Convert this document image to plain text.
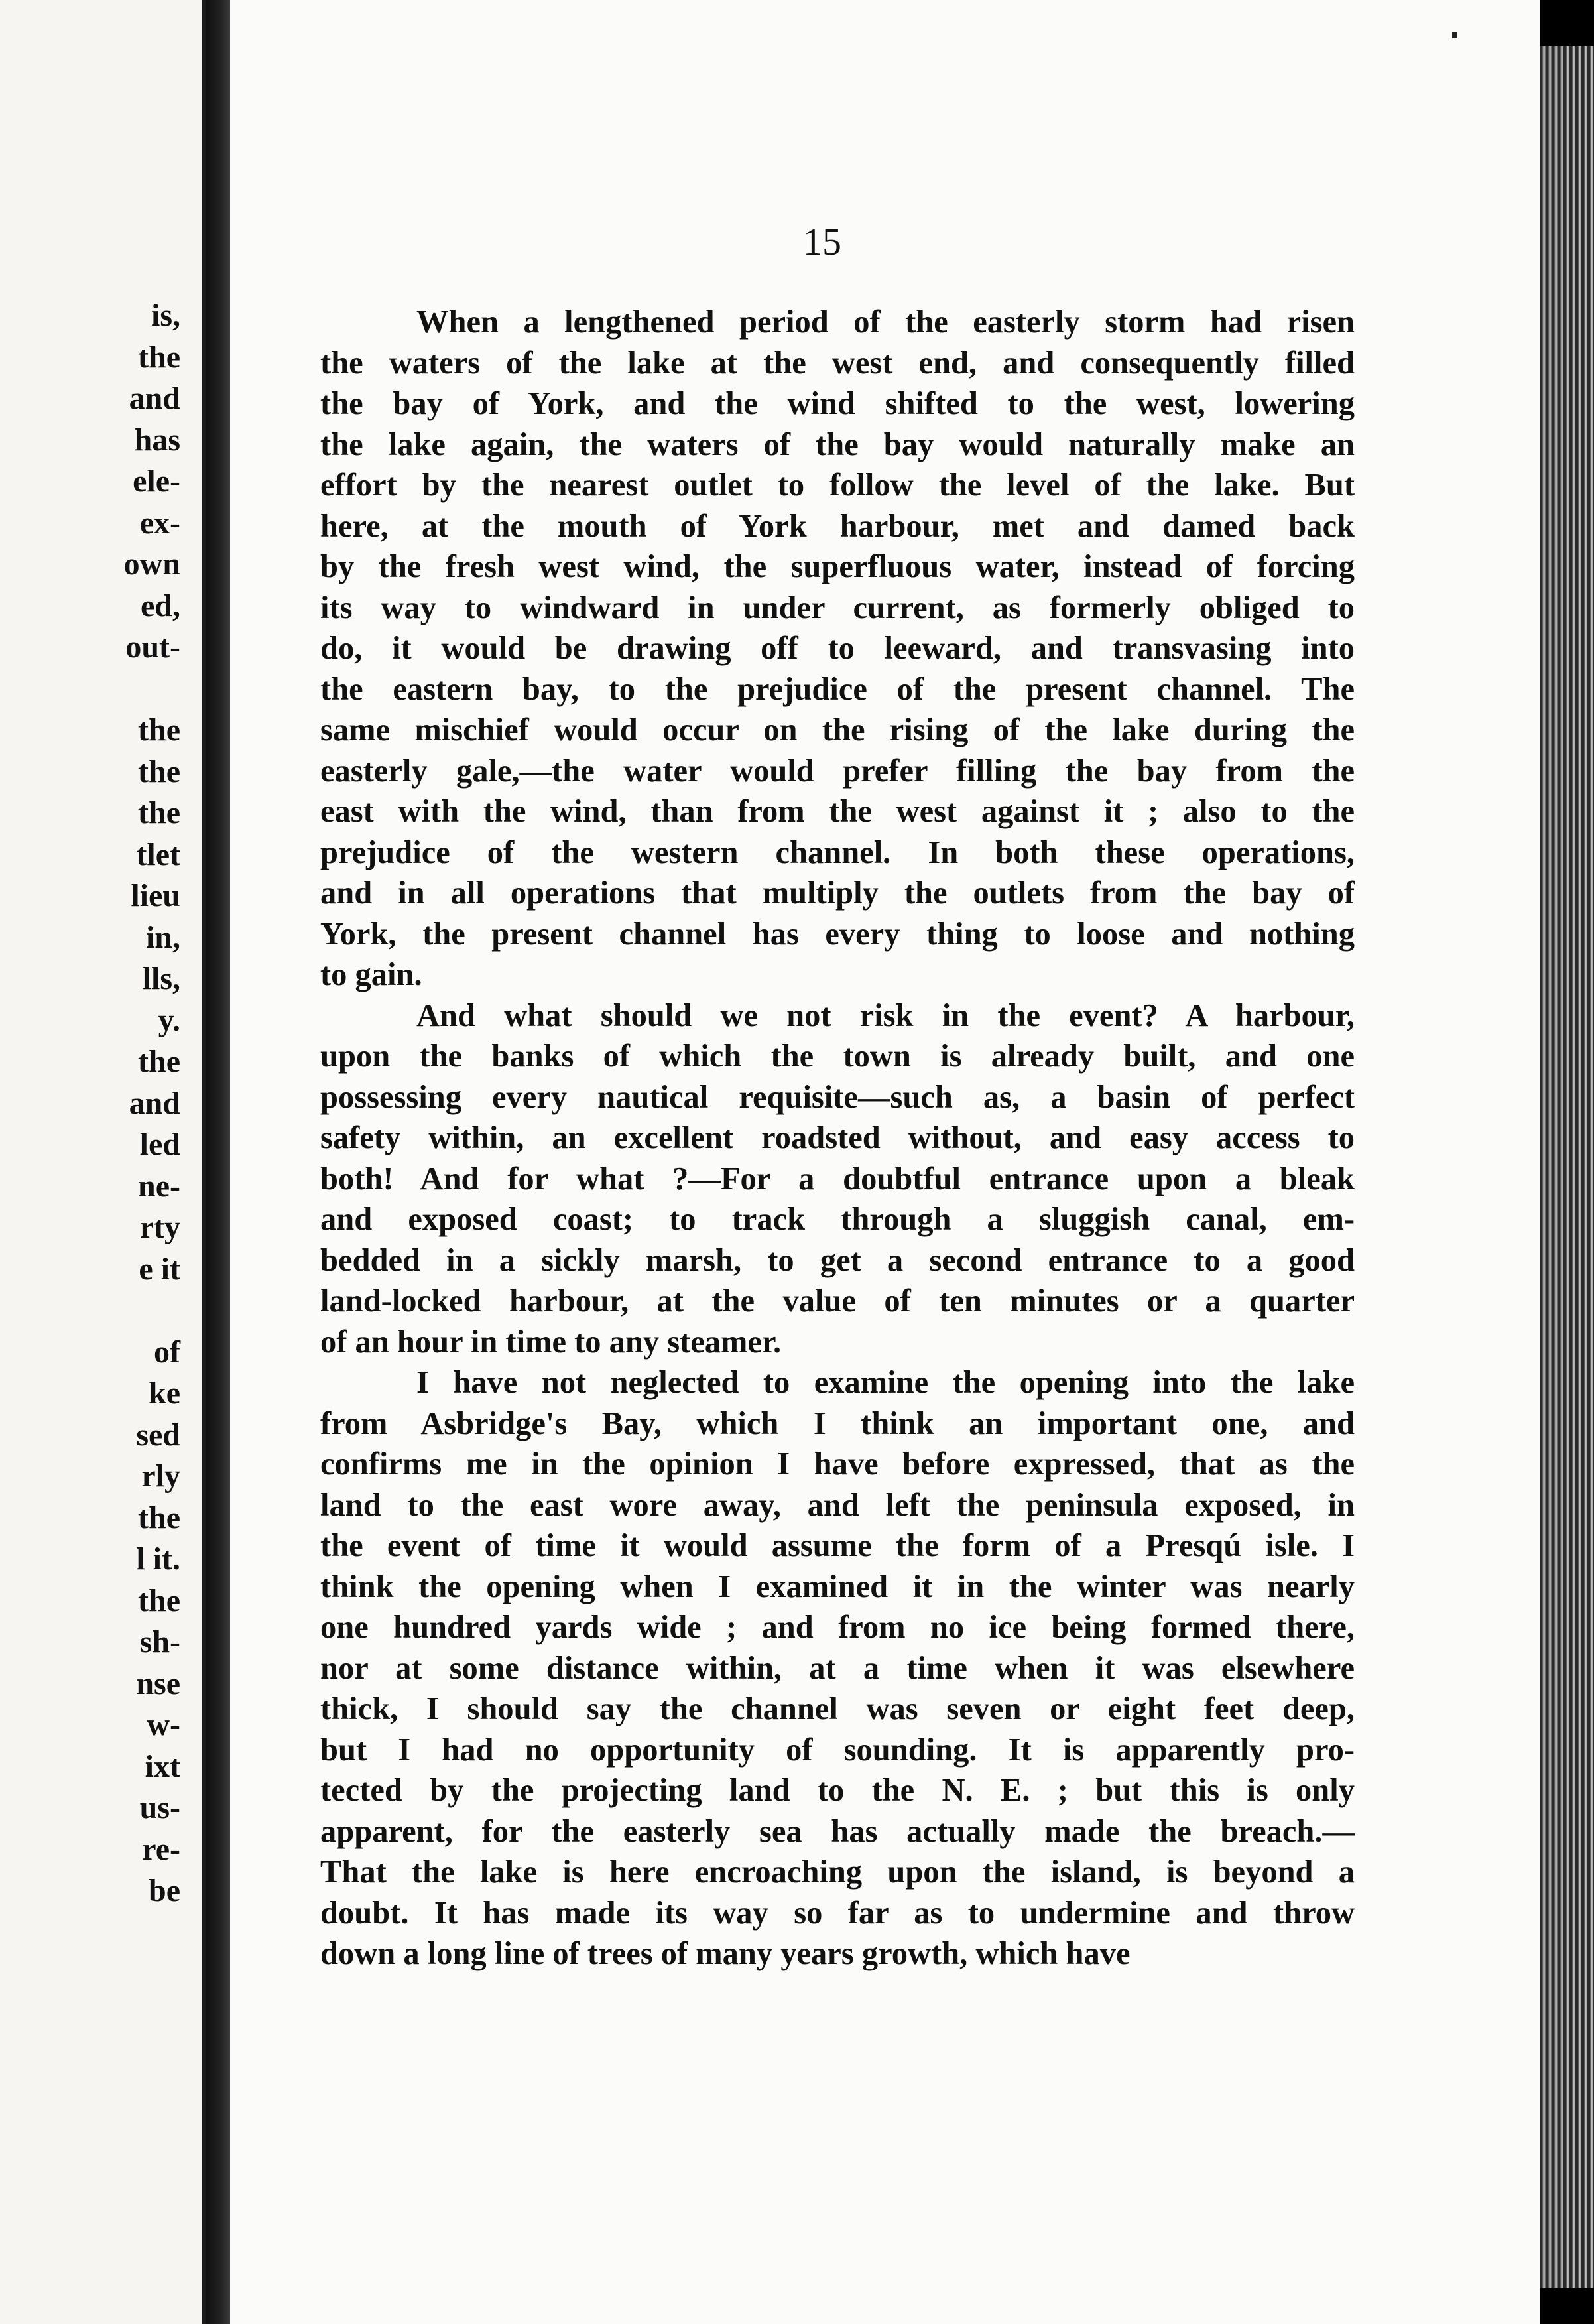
is,
the
and
has
ele-
ex-
own
ed,
out-
the
the
the
tlet
lieu
in,
lls,
y.
the
and
led
ne-
rty
e it
of
ke
sed
rly
the
l it.
the
sh-
nse
w-
ixt
us-
re-
be
15
When a lengthened period of the easterly storm had risen
the waters of the lake at the west end, and consequently filled
the bay of York, and the wind shifted to the west, lowering
the lake again, the waters of the bay would naturally make an
effort by the nearest outlet to follow the level of the lake. But
here, at the mouth of York harbour, met and damed back
by the fresh west wind, the superfluous water, instead of forcing
its way to windward in under current, as formerly obliged to
do, it would be drawing off to leeward, and transvasing into
the eastern bay, to the prejudice of the present channel. The
same mischief would occur on the rising of the lake during the
easterly gale,—the water would prefer filling the bay from the
east with the wind, than from the west against it ; also to the
prejudice of the western channel. In both these operations,
and in all operations that multiply the outlets from the bay of
York, the present channel has every thing to loose and nothing
to gain.
And what should we not risk in the event? A harbour,
upon the banks of which the town is already built, and one
possessing every nautical requisite—such as, a basin of perfect
safety within, an excellent roadsted without, and easy access to
both! And for what ?—For a doubtful entrance upon a bleak
and exposed coast; to track through a sluggish canal, em-
bedded in a sickly marsh, to get a second entrance to a good
land-locked harbour, at the value of ten minutes or a quarter
of an hour in time to any steamer.
I have not neglected to examine the opening into the lake
from Asbridge's Bay, which I think an important one, and
confirms me in the opinion I have before expressed, that as the
land to the east wore away, and left the peninsula exposed, in
the event of time it would assume the form of a Presqú isle. I
think the opening when I examined it in the winter was nearly
one hundred yards wide ; and from no ice being formed there,
nor at some distance within, at a time when it was elsewhere
thick, I should say the channel was seven or eight feet deep,
but I had no opportunity of sounding. It is apparently pro-
tected by the projecting land to the N. E. ; but this is only
apparent, for the easterly sea has actually made the breach.—
That the lake is here encroaching upon the island, is beyond a
doubt. It has made its way so far as to undermine and throw
down a long line of trees of many years growth, which have
